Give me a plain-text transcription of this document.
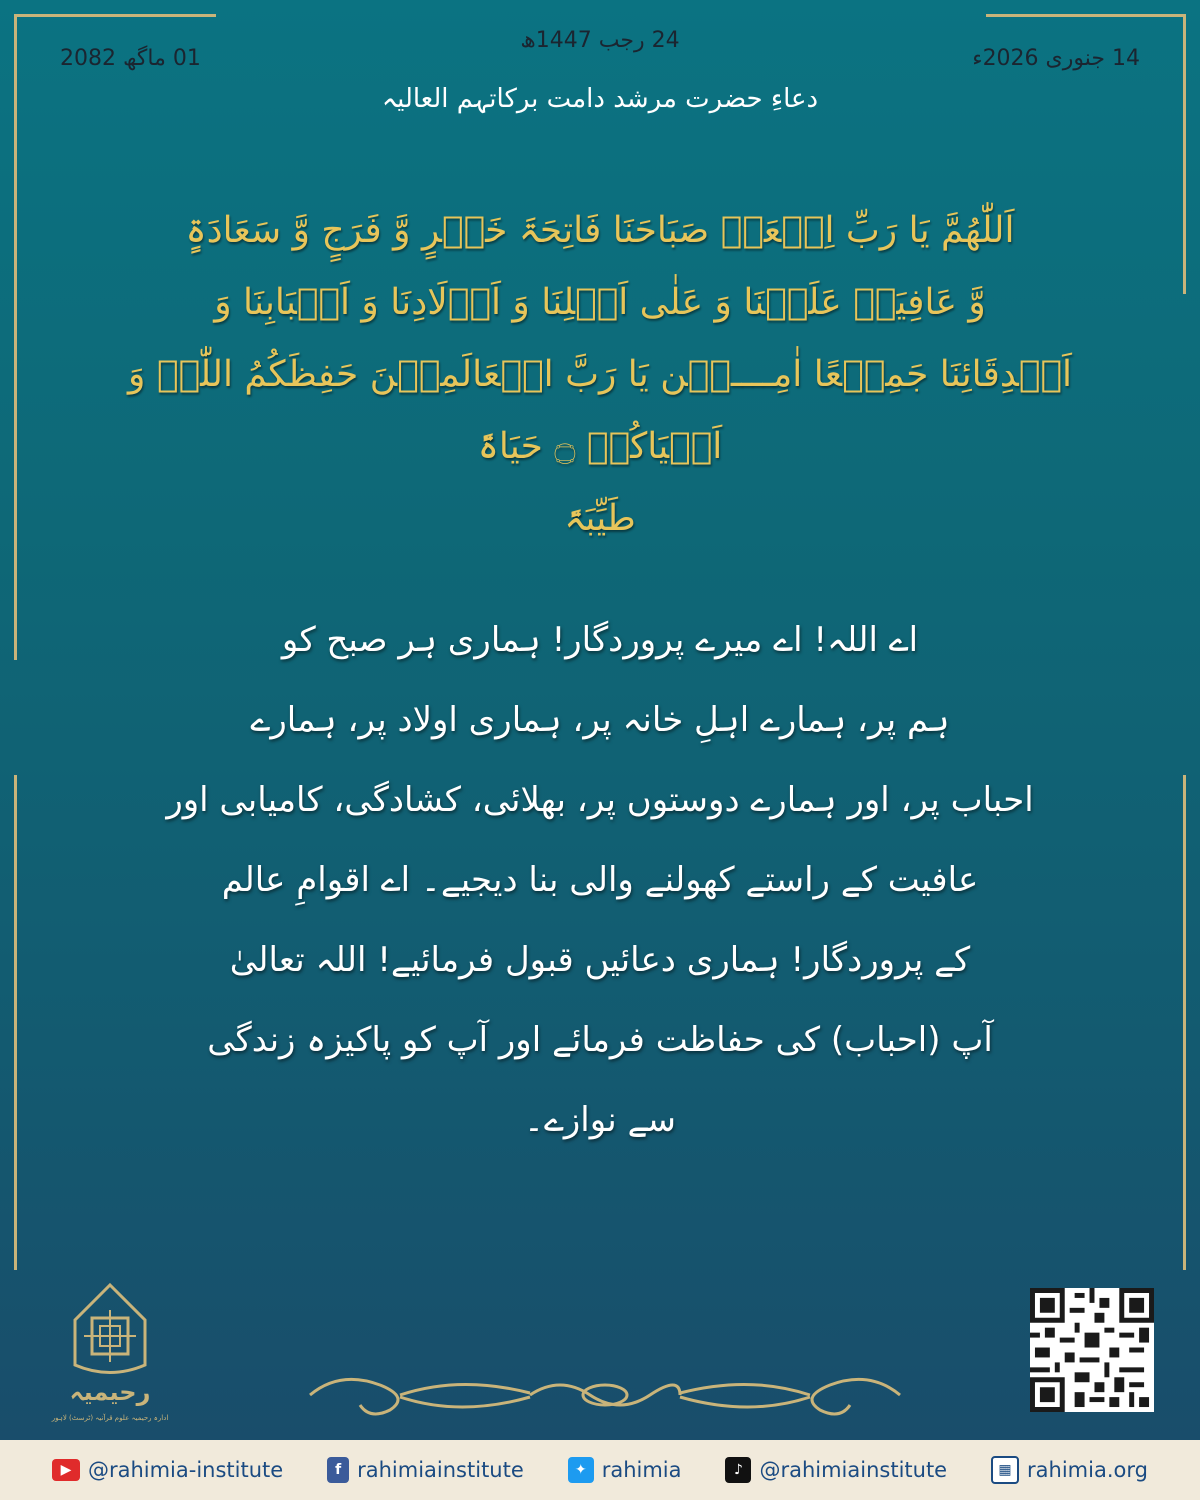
24 رجب 1447ھ
14 جنوری 2026ء
01 ماگھ 2082
دعاءِ حضرت مرشد دامت برکاتہم العالیہ
اَللّٰھُمَّ یَا رَبِّ اِجۡعَلۡ صَبَاحَنَا فَاتِحَۃَ خَیۡرٍ وَّ فَرَجٍ وَّ سَعَادَۃٍ
وَّ عَافِیَۃٍ عَلَیۡنَا وَ عَلٰی اَھۡلِنَا وَ اَوۡلَادِنَا وَ اَحۡبَابِنَا وَ
اَصۡدِقَائِنَا جَمِیۡعًا اٰمِــــیۡن یَا رَبَّ الۡعَالَمِیۡنَ حَفِظَکُمُ اللّٰہُ وَ اَحۡیَاکُمۡ ۝ حَیَاۃً
طَیِّبَۃً
اے اللہ! اے میرے پروردگار! ہماری ہر صبح کو
ہم پر، ہمارے اہلِ خانہ پر، ہماری اولاد پر، ہمارے
احباب پر، اور ہمارے دوستوں پر، بھلائی، کشادگی، کامیابی اور
عافیت کے راستے کھولنے والی بنا دیجیے۔ اے اقوامِ عالم
کے پروردگار! ہماری دعائیں قبول فرمائیے! اللہ تعالیٰ
آپ (احباب) کی حفاظت فرمائے اور آپ کو پاکیزہ زندگی
سے نوازے۔
رحیمیہ
ادارہ رحیمیہ علوم قرآنیہ (ٹرسٹ) لاہور
▶ @rahimia-institute	f rahimiainstitute	✦ rahimia	♪ @rahimiainstitute	▦ rahimia.org
